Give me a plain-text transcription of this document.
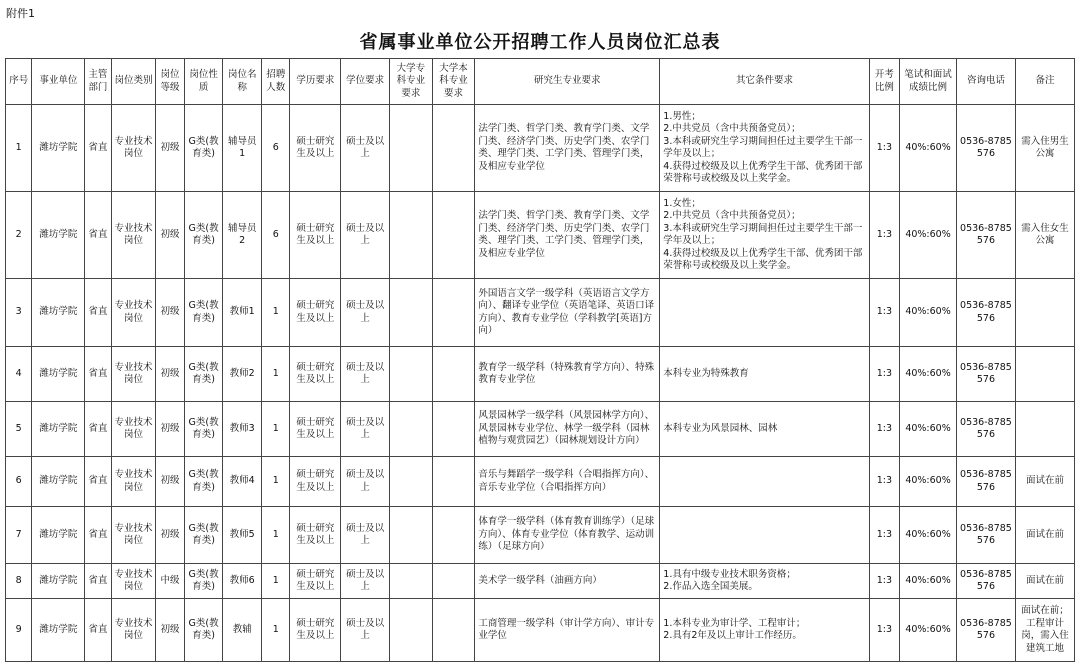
附件1
省属事业单位公开招聘工作人员岗位汇总表
序号	事业单位	主管部门	岗位类别	岗位等级	岗位性质	岗位名称	招聘人数	学历要求	学位要求	大学专科专业要求	大学本科专业要求	研究生专业要求	其它条件要求	开考比例	笔试和面试成绩比例	咨询电话	备注
1	潍坊学院	省直	专业技术岗位	初级	G类(教育类)	辅导员1	6	硕士研究生及以上	硕士及以上			法学门类、哲学门类、教育学门类、文学门类、经济学门类、历史学门类、农学门类、理学门类、工学门类、管理学门类，及相应专业学位	1.男性；
2.中共党员（含中共预备党员）；
3.本科或研究生学习期间担任过主要学生干部一学年及以上；
4.获得过校级及以上优秀学生干部、优秀团干部荣誉称号或校级及以上奖学金。	1:3	40%:60%	0536-8785576	需入住男生公寓
2	潍坊学院	省直	专业技术岗位	初级	G类(教育类)	辅导员2	6	硕士研究生及以上	硕士及以上			法学门类、哲学门类、教育学门类、文学门类、经济学门类、历史学门类、农学门类、理学门类、工学门类、管理学门类，及相应专业学位	1.女性；
2.中共党员（含中共预备党员）；
3.本科或研究生学习期间担任过主要学生干部一学年及以上；
4.获得过校级及以上优秀学生干部、优秀团干部荣誉称号或校级及以上奖学金。	1:3	40%:60%	0536-8785576	需入住女生公寓
3	潍坊学院	省直	专业技术岗位	初级	G类(教育类)	教师1	1	硕士研究生及以上	硕士及以上			外国语言文学一级学科（英语语言文学方向）、翻译专业学位（英语笔译、英语口译方向）、教育专业学位（学科教学[英语]方向）		1:3	40%:60%	0536-8785576	
4	潍坊学院	省直	专业技术岗位	初级	G类(教育类)	教师2	1	硕士研究生及以上	硕士及以上			教育学一级学科（特殊教育学方向）、特殊教育专业学位	本科专业为特殊教育	1:3	40%:60%	0536-8785576	
5	潍坊学院	省直	专业技术岗位	初级	G类(教育类)	教师3	1	硕士研究生及以上	硕士及以上			风景园林学一级学科（风景园林学方向）、风景园林专业学位、林学一级学科（园林植物与观赏园艺）（园林规划设计方向）	本科专业为风景园林、园林	1:3	40%:60%	0536-8785576	
6	潍坊学院	省直	专业技术岗位	初级	G类(教育类)	教师4	1	硕士研究生及以上	硕士及以上			音乐与舞蹈学一级学科（合唱指挥方向）、音乐专业学位（合唱指挥方向）		1:3	40%:60%	0536-8785576	面试在前
7	潍坊学院	省直	专业技术岗位	初级	G类(教育类)	教师5	1	硕士研究生及以上	硕士及以上			体育学一级学科（体育教育训练学）（足球方向）、体育专业学位（体育教学、运动训练）（足球方向）		1:3	40%:60%	0536-8785576	面试在前
8	潍坊学院	省直	专业技术岗位	中级	G类(教育类)	教师6	1	硕士研究生及以上	硕士及以上			美术学一级学科（油画方向）	1.具有中级专业技术职务资格；
2.作品入选全国美展。	1:3	40%:60%	0536-8785576	面试在前
9	潍坊学院	省直	专业技术岗位	初级	G类(教育类)	教辅	1	硕士研究生及以上	硕士及以上			工商管理一级学科（审计学方向）、审计专业学位	1.本科专业为审计学、工程审计；
2.具有2年及以上审计工作经历。	1:3	40%:60%	0536-8785576	面试在前；工程审计岗，需入住建筑工地
